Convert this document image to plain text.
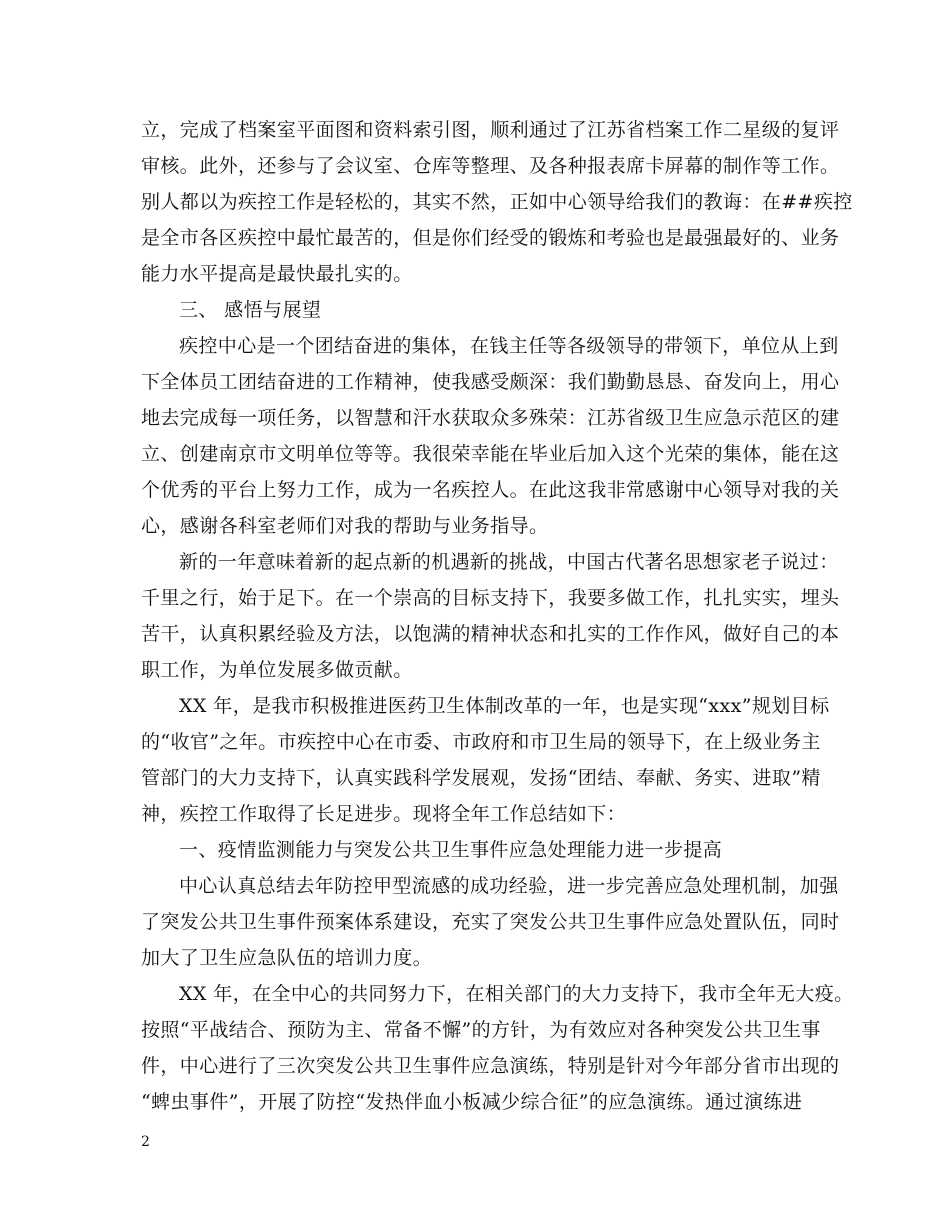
立，完成了档案室平面图和资料索引图，顺利通过了江苏省档案工作二星级的复评
审核。此外，还参与了会议室、仓库等整理、及各种报表席卡屏幕的制作等工作。
别人都以为疾控工作是轻松的，其实不然，正如中心领导给我们的教诲：在##疾控
是全市各区疾控中最忙最苦的，但是你们经受的锻炼和考验也是最强最好的、业务
能力水平提高是最快最扎实的。
三、 感悟与展望
疾控中心是一个团结奋进的集体，在钱主任等各级领导的带领下，单位从上到
下全体员工团结奋进的工作精神，使我感受颇深：我们勤勤恳恳、奋发向上，用心
地去完成每一项任务，以智慧和汗水获取众多殊荣：江苏省级卫生应急示范区的建
立、创建南京市文明单位等等。我很荣幸能在毕业后加入这个光荣的集体，能在这
个优秀的平台上努力工作，成为一名疾控人。在此这我非常感谢中心领导对我的关
心，感谢各科室老师们对我的帮助与业务指导。
新的一年意味着新的起点新的机遇新的挑战，中国古代著名思想家老子说过：
千里之行，始于足下。在一个崇高的目标支持下，我要多做工作，扎扎实实，埋头
苦干，认真积累经验及方法，以饱满的精神状态和扎实的工作作风，做好自己的本
职工作，为单位发展多做贡献。
XX 年，是我市积极推进医药卫生体制改革的一年，也是实现“xxx”规划目标
的“收官”之年。市疾控中心在市委、市政府和市卫生局的领导下，在上级业务主
管部门的大力支持下，认真实践科学发展观，发扬“团结、奉献、务实、进取”精
神，疾控工作取得了长足进步。现将全年工作总结如下：
一、疫情监测能力与突发公共卫生事件应急处理能力进一步提高
中心认真总结去年防控甲型流感的成功经验，进一步完善应急处理机制，加强
了突发公共卫生事件预案体系建设，充实了突发公共卫生事件应急处置队伍，同时
加大了卫生应急队伍的培训力度。
XX 年，在全中心的共同努力下，在相关部门的大力支持下，我市全年无大疫。
按照“平战结合、预防为主、常备不懈”的方针，为有效应对各种突发公共卫生事
件，中心进行了三次突发公共卫生事件应急演练，特别是针对今年部分省市出现的
“蜱虫事件”，开展了防控“发热伴血小板减少综合征”的应急演练。通过演练进
2
